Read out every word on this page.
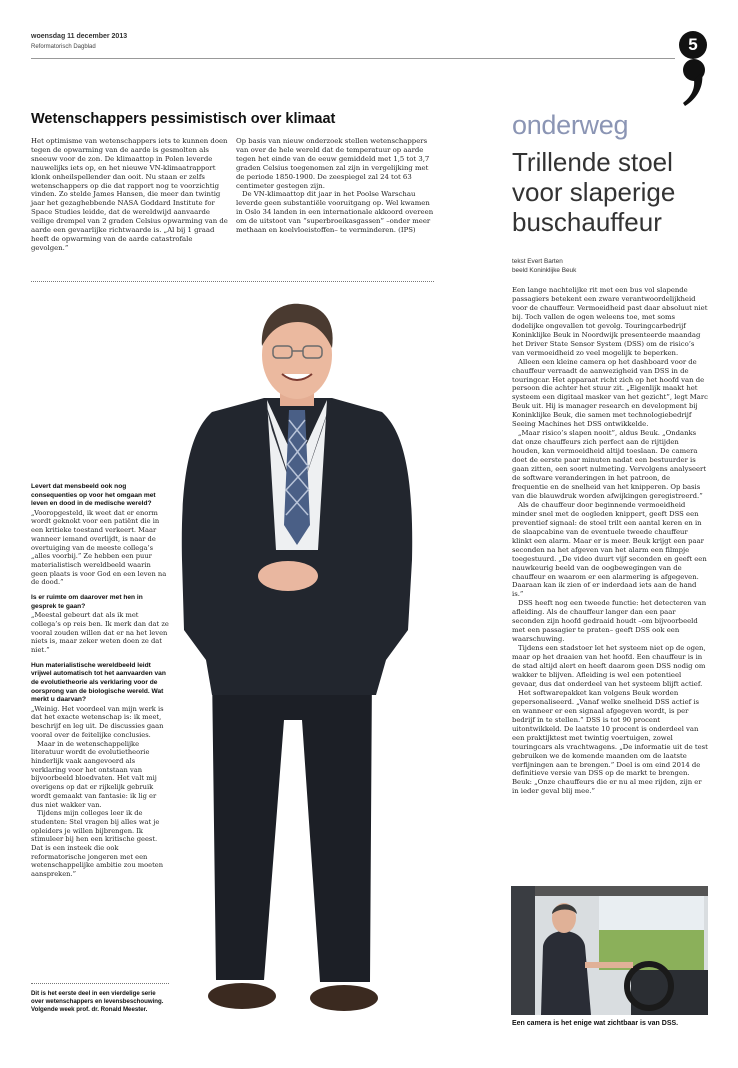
woensdag 11 december 2013
Reformatorisch Dagblad	5
Wetenschappers pessimistisch over klimaat

Het optimisme van wetenschappers iets te kunnen doen tegen de opwarming van de aarde is gesmolten als sneeuw voor de zon. De klimaattop in Polen leverde nauwelijks iets op, en het nieuwe VN-klimaatrapport klonk onheilspellender dan ooit. Nu staan er zelfs wetenschappers op die dat rapport nog te voorzichtig vinden. Zo stelde James Hansen, die meer dan twintig jaar het gezaghebbende NASA Goddard Institute for Space Studies leidde, dat de wereldwijd aanvaarde veilige drempel van 2 graden Celsius opwarming van de aarde een gevaarlijke richtwaarde is. „Al bij 1 graad heeft de opwarming van de aarde catastrofale gevolgen.”

Op basis van nieuw onderzoek stellen wetenschappers van over de hele wereld dat de temperatuur op aarde tegen het einde van de eeuw gemiddeld met 1,5 tot 3,7 graden Celsius toegenomen zal zijn in vergelijking met de periode 1850-1900. De zeespiegel zal 24 tot 63 centimeter gestegen zijn.

De VN-klimaattop dit jaar in het Poolse Warschau leverde geen substantiële vooruitgang op. Wel kwamen in Oslo 34 landen in een internationale akkoord overeen om de uitstoot van “superbroeikasgassen” –onder meer methaan en koelvloeistoffen– te verminderen. (IPS)

onderweg
Trillende stoel voor slaperige buschauffeur
tekst Evert Barten
beeld Koninklijke Beuk

Een lange nachtelijke rit met een bus vol slapende passagiers betekent een zware verantwoordelijkheid voor de chauffeur. Vermoeidheid past daar absoluut niet bij. Toch vallen de ogen weleens toe, met soms dodelijke ongevallen tot gevolg. Touringcarbedrijf Koninklijke Beuk in Noordwijk presenteerde maandag het Driver State Sensor System (DSS) om de risico’s van vermoeidheid zo veel mogelijk te beperken.

Alleen een kleine camera op het dashboard voor de chauffeur verraadt de aanwezigheid van DSS in de touringcar. Het apparaat richt zich op het hoofd van de persoon die achter het stuur zit. „Eigenlijk maakt het systeem een digitaal masker van het gezicht”, legt Marc Beuk uit. Hij is manager research en development bij Koninklijke Beuk, die samen met technologiebedrijf Seeing Machines het DSS ontwikkelde.

„Maar risico’s slapen nooit”, aldus Beuk. „Ondanks dat onze chauffeurs zich perfect aan de rijtijden houden, kan vermoeidheid altijd toeslaan. De camera doet de eerste paar minuten nadat een bestuurder is gaan zitten, een soort nulmeting. Vervolgens analyseert de software veranderingen in het patroon, de frequentie en de snelheid van het knipperen. Op basis van die blauwdruk worden afwijkingen geregistreerd.”

Als de chauffeur door beginnende vermoeidheid minder snel met de oogleden knippert, geeft DSS een preventief signaal: de stoel trilt een aantal keren en in de slaapcabine van de eventuele tweede chauffeur klinkt een alarm. Maar er is meer. Beuk krijgt een paar seconden na het afgeven van het alarm een filmpje toegestuurd. „De video duurt vijf seconden en geeft een nauwkeurig beeld van de oogbewegingen van de chauffeur en waarom er een alarmering is afgegeven. Daaraan kan ik zien of er inderdaad iets aan de hand is.”

DSS heeft nog een tweede functie: het detecteren van afleiding. Als de chauffeur langer dan een paar seconden zijn hoofd gedraaid houdt –om bijvoorbeeld met een passagier te praten– geeft DSS ook een waarschuwing.

Tijdens een stadstoer let het systeem niet op de ogen, maar op het draaien van het hoofd. Een chauffeur is in de stad altijd alert en heeft daarom geen DSS nodig om wakker te blijven. Afleiding is wel een potentieel gevaar, dus dat onderdeel van het systeem blijft actief.

Het softwarepakket kan volgens Beuk worden gepersonaliseerd. „Vanaf welke snelheid DSS actief is en wanneer er een signaal afgegeven wordt, is per bedrijf in te stellen.” DSS is tot 90 procent uitontwikkeld. De laatste 10 procent is onderdeel van een praktijktest met twintig voertuigen, zowel touringcars als vrachtwagens. „De informatie uit de test gebruiken we de komende maanden om de laatste verfijningen aan te brengen.” Doel is om eind 2014 de definitieve versie van DSS op de markt te brengen. Beuk: „Onze chauffeurs die er nu al mee rijden, zijn er in ieder geval blij mee.”

Levert dat mensbeeld ook nog consequenties op voor het omgaan met leven en dood in de medische wereld?

„Vooropgesteld, ik weet dat er enorm wordt geknokt voor een patiënt die in een kritieke toestand verkeert. Maar wanneer iemand overlijdt, is naar de overtuiging van de meeste collega’s „alles voorbij.” Ze hebben een puur materialistisch wereldbeeld waarin geen plaats is voor God en een leven na de dood.”

Is er ruimte om daarover met hen in gesprek te gaan?

„Meestal gebeurt dat als ik met collega’s op reis ben. Ik merk dan dat ze vooral zouden willen dat er na het leven niets is, maar zeker weten doen ze dat niet.”

Hun materialistische wereldbeeld leidt vrijwel automatisch tot het aanvaarden van de evolutietheorie als verklaring voor de oorsprong van de biologische wereld. Wat merkt u daarvan?

„Weinig. Het voordeel van mijn werk is dat het exacte wetenschap is: ik meet, beschrijf en leg uit. De discussies gaan vooral over de feitelijke conclusies.

Maar in de wetenschappelijke literatuur wordt de evolutietheorie hinderlijk vaak aangevoerd als verklaring voor het ontstaan van bijvoorbeeld bloedvaten. Het valt mij overigens op dat er rijkelijk gebruik wordt gemaakt van fantasie: ik lig er dus niet wakker van.

Tijdens mijn colleges leer ik de studenten: Stel vragen bij alles wat je opleiders je willen bijbrengen. Ik stimuleer bij hen een kritische geest. Dat is een insteek die ook reformatorische jongeren met een wetenschappelijke ambitie zou moeten aanspreken.”

Dit is het eerste deel in een vierdelige serie over wetenschappers en levensbeschouwing. Volgende week prof. dr. Ronald Meester.
Een camera is het enige wat zichtbaar is van DSS.
